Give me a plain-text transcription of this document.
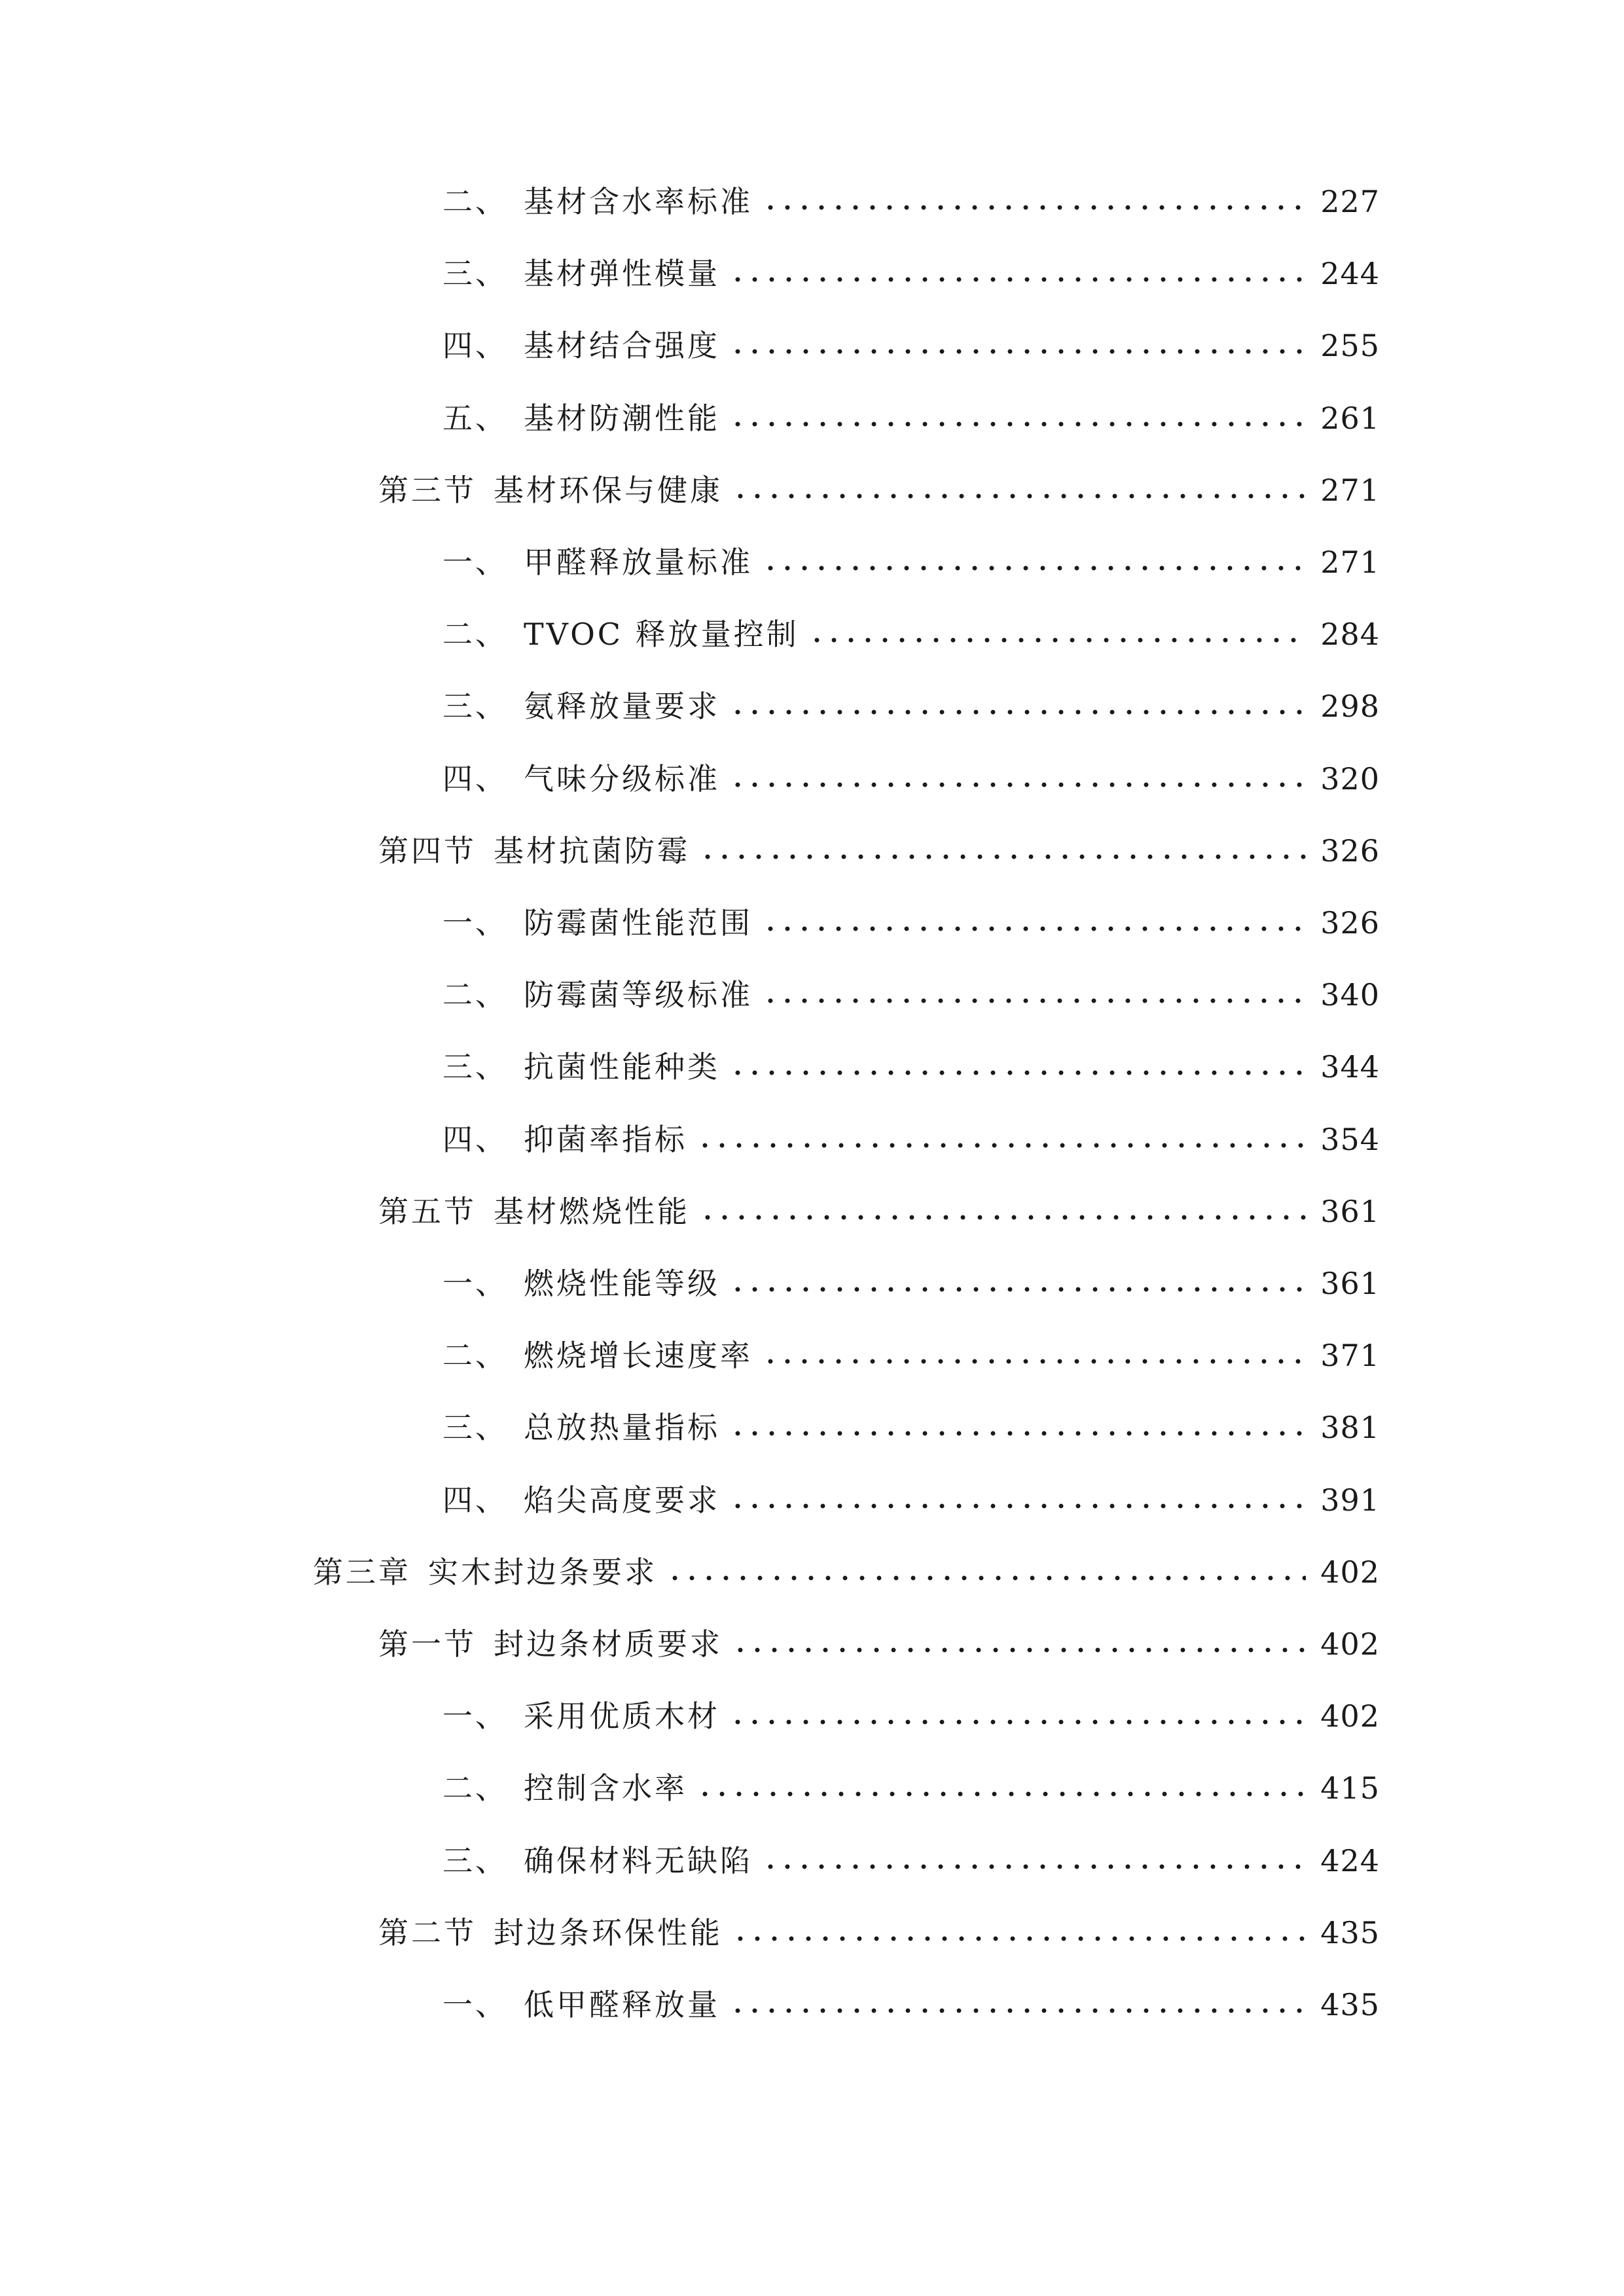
二、 基材含水率标准	227
三、 基材弹性模量	244
四、 基材结合强度	255
五、 基材防潮性能	261
第三节 基材环保与健康	271
一、 甲醛释放量标准	271
二、 TVOC 释放量控制	284
三、 氨释放量要求	298
四、 气味分级标准	320
第四节 基材抗菌防霉	326
一、 防霉菌性能范围	326
二、 防霉菌等级标准	340
三、 抗菌性能种类	344
四、 抑菌率指标	354
第五节 基材燃烧性能	361
一、 燃烧性能等级	361
二、 燃烧增长速度率	371
三、 总放热量指标	381
四、 焰尖高度要求	391
第三章 实木封边条要求	402
第一节 封边条材质要求	402
一、 采用优质木材	402
二、 控制含水率	415
三、 确保材料无缺陷	424
第二节 封边条环保性能	435
一、 低甲醛释放量	435
